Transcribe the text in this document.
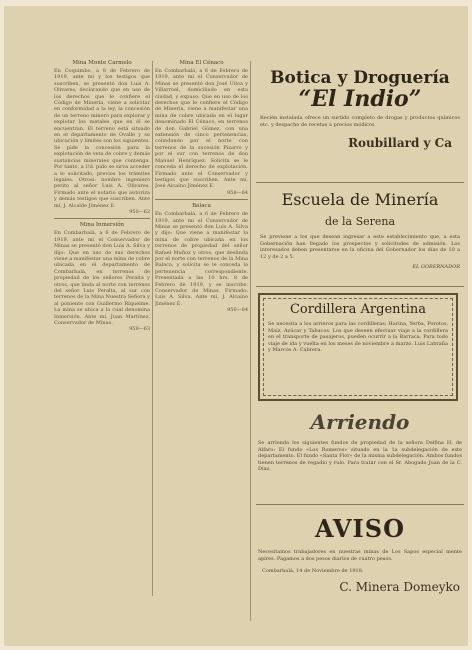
Mina Monte Carmelo

En Coquimbo, a 8 de Febrero de 1919, ante mí y los testigos que suscriben, se presentó don Luis A. Olivares, declarando que en uso de los derechos que le confiere el Código de Minería, viene a solicitar en conformidad a la ley, la concesión de un terreno minero para explorar y explotar los metales que en él se encuentran. El terreno está situado en el departamento de Ovalle y su ubicación y límites son los siguientes. Se pide la concesión para la explotación de veta de cobre y demás sustancias minerales que contenga. Por tanto, a Ud. pido se sirva acceder a lo solicitado, previos los trámites legales. Otrosí: nombro ingeniero perito al señor Luis A. Olivares. Firmado ante el notario que autoriza y demás testigos que suscriben. Ante mí, J. Alcalde Jiménez E.

950—62

Mina Inmersión

En Combarbalá, a 6 de Febrero de 1919, ante mí el Conservador de Minas se presentó don Luis A. Silva y dijo: Que en uso de sus derechos viene a manifestar una mina de cobre ubicada en el departamento de Combarbalá, en terrenos de propiedad de los señores Peralta y otros, que linda al norte con terrenos del señor Luis Peralta, al sur con terrenos de la Mina Nuestra Señora y al poniente con Guillermo Riquelme. La mina se ubica a la cual denomina Inmersión. Ante mí, Juan Martínez, Conservador de Minas.

959—63

Mina El Cénaco

En Combarbalá, a 6 de Febrero de 1919, ante mí el Conservador de Minas se presentó don José Ulloa y Villarroel, domiciliado en esta ciudad, y expuso: Que en uso de los derechos que le confiere el Código de Minería, viene a manifestar una mina de cobre ubicada en el lugar denominado El Cénaco, en terrenos de don Gabriel Gómez, con una extensión de cinco pertenencias, colindando por el norte con terrenos de la sucesión Pizarro y por el sur con terrenos de don Manuel Henríquez. Solicita se le conceda el derecho de explotación. Firmado ante el Conservador y testigos que suscriben. Ante mí, José Alcaíno Jiménez E.

958—64

Balaca

En Combarbalá, a 6 de Febrero de 1919, ante mí el Conservador de Minas se presentó don Luis A. Silva y dijo: Que viene a manifestar la mina de cobre ubicada en los terrenos de propiedad del señor Rafael Muñoz y otros, que deslinda por el norte con terrenos de la Mina Balaca, y solicita se le conceda la pertenencia correspondiente. Presentada a las 10 hrs. 8 de Febrero de 1919, y se inscribe. Conservador de Minas. Firmado: Luis A. Silva. Ante mí, J. Alcaíno Jiménez E.

950—64

Botica y Droguería
“El Indio”
Recién instalada ofrece un surtido completo de drogas y productos químicos etc. y despacho de recetas a precios módicos
Roubillard y Ca
Escuela de Minería
de la Serena
Se previene a los que desean ingresar a este establecimiento que, a esta Gobernación han llegado los prospectos y solicitudes de admisión. Los interesados deben presentarse en la oficina del Gobernador los días de 10 a 12 y de 2 a 5.
EL GOBERNADOR
Cordillera Argentina
Se necesita a los arrieros para las cordilleras: Harina, Yerba, Porotos, Maíz, Azúcar y Tabacos. Los que deseen efectuar viaje a la cordillera en el transporte de pasajeros, pueden ocurrir a la Barraca. Para todo viaje de ida y vuelta en los meses de noviembre a marzo. Luis Labraña y Marcos A. Cabrera.
Arriendo
Se arrienda los siguientes fundos de propiedad de la señora Delfina H. de Alfaro: El fundo «Los Romeros» situado en la 1a subdelegación de este departamento. El fundo «Santa Flor» de la misma subdelegación. Ambos fundos tienen terrenos de regadío y rulo. Para tratar con el Sr. Abogado Juan de la C. Díaz.
AVISO
Necesitamos trabajadores en nuestras minas de Los Sapos especial mente apires. Pagamos a dos pesos diarios de cuatro pesos.
Combarbalá, 14 de Noviembre de 1918.
C. Minera Domeyko
